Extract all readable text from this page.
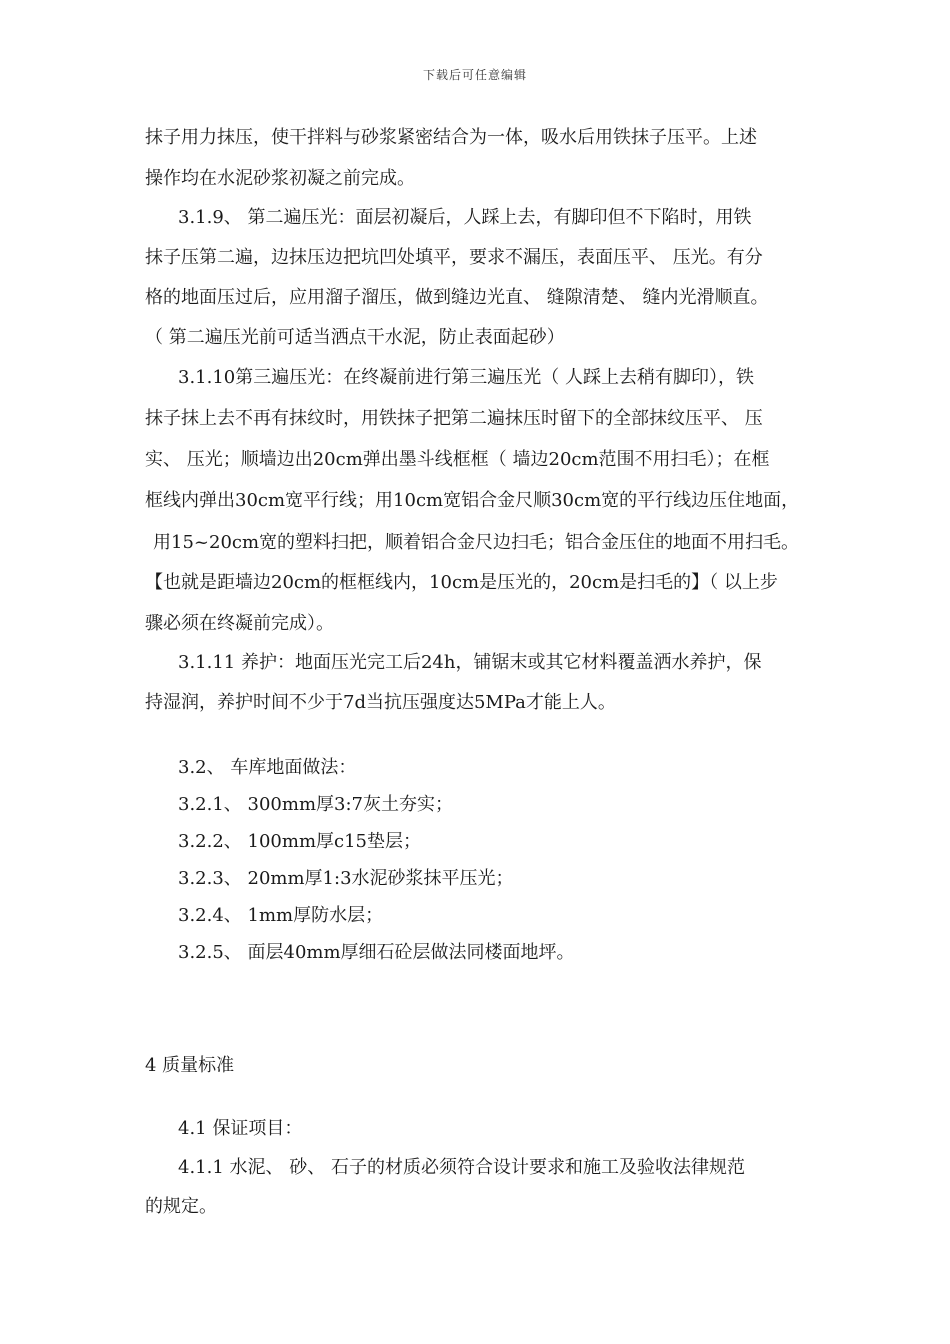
下载后可任意编辑
抹子用力抹压，使干拌料与砂浆紧密结合为一体，吸水后用铁抹子压平。上述
操作均在水泥砂浆初凝之前完成。
3.1.9、 第二遍压光：面层初凝后，人踩上去，有脚印但不下陷时，用铁
抹子压第二遍，边抹压边把坑凹处填平，要求不漏压，表面压平、 压光。有分
格的地面压过后，应用溜子溜压，做到缝边光直、 缝隙清楚、 缝内光滑顺直。
（ 第二遍压光前可适当洒点干水泥，防止表面起砂）
3.1.10第三遍压光：在终凝前进行第三遍压光（ 人踩上去稍有脚印），铁
抹子抹上去不再有抹纹时，用铁抹子把第二遍抹压时留下的全部抹纹压平、 压
实、 压光；顺墙边出20cm弹出墨斗线框框（ 墙边20cm范围不用扫毛）；在框
框线内弹出30cm宽平行线；用10cm宽铝合金尺顺30cm宽的平行线边压住地面，
用15~20cm宽的塑料扫把，顺着铝合金尺边扫毛；铝合金压住的地面不用扫毛。
【也就是距墙边20cm的框框线内，10cm是压光的，20cm是扫毛的】（ 以上步
骤必须在终凝前完成）。
3.1.11 养护：地面压光完工后24h，铺锯末或其它材料覆盖洒水养护，保
持湿润，养护时间不少于7d当抗压强度达5MPa才能上人。
3.2、 车库地面做法：
3.2.1、 300mm厚3:7灰土夯实；
3.2.2、 100mm厚c15垫层；
3.2.3、 20mm厚1:3水泥砂浆抹平压光；
3.2.4、 1mm厚防水层；
3.2.5、 面层40mm厚细石砼层做法同楼面地坪。
4 质量标准
4.1 保证项目：
4.1.1 水泥、 砂、 石子的材质必须符合设计要求和施工及验收法律规范
的规定。
